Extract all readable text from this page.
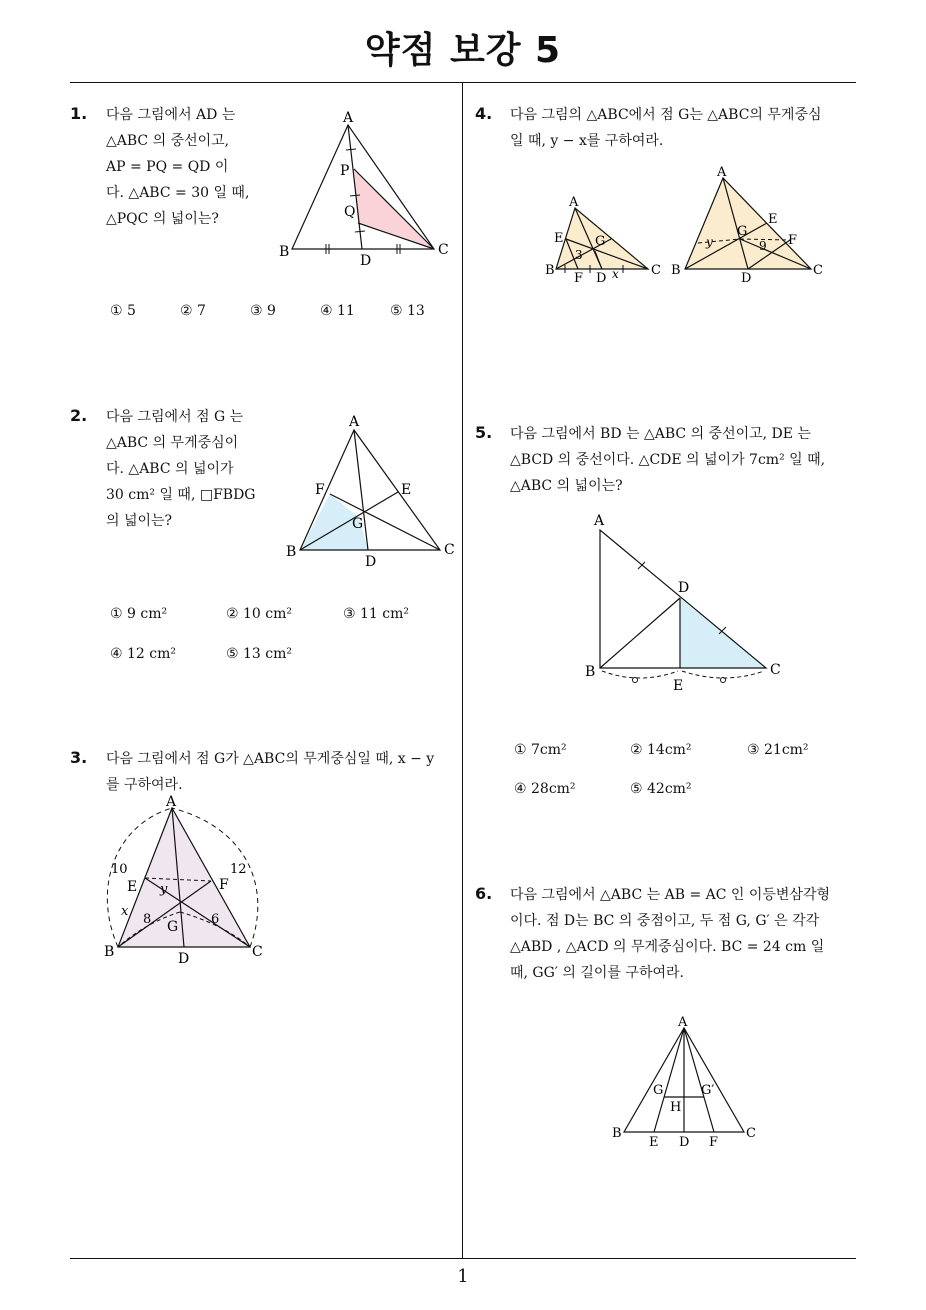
약점 보강 5
1
1. 다음 그림에서 AD 는
△ABC 의 중선이고,
AP = PQ = QD 이
다. △ABC = 30 일 때,
△PQC 의 넓이는?
A
B	C
D
P
Q
① 5	② 7	③ 9	④ 11	⑤ 13
2. 다음 그림에서 점 G 는
△ABC 의 무게중심이
다. △ABC 의 넓이가
30 cm² 일 때, □FBDG
의 넓이는?
A
B	C
D
E
F
G
① 9 cm²	② 10 cm²	③ 11 cm²
④ 12 cm²	⑤ 13 cm²
3. 다음 그림에서 점 G가 △ABC의 무게중심일 때, x − y
를 구하여라.
A
B	C
D
E	F
G
x
y
10	12
8	6
4. 다음 그림의 △ABC에서 점 G는 △ABC의 무게중심
일 때, y − x를 구하여라.
A
B	C
D
E
F
G
3
x
A
B	C
D
E
F
G
y	9
5. 다음 그림에서 BD 는 △ABC 의 중선이고, DE 는
△BCD 의 중선이다. △CDE 의 넓이가 7cm² 일 때,
△ABC 의 넓이는?
A
B	C
D
E
① 7cm²	② 14cm²	③ 21cm²
④ 28cm²	⑤ 42cm²
6. 다음 그림에서 △ABC 는 AB = AC 인 이등변삼각형
이다. 점 D는 BC 의 중점이고, 두 점 G, G′ 은 각각
△ABD , △ACD 의 무게중심이다. BC = 24 cm 일
때, GG′ 의 길이를 구하여라.
A
B	C
D
E	F
G	G′
H
